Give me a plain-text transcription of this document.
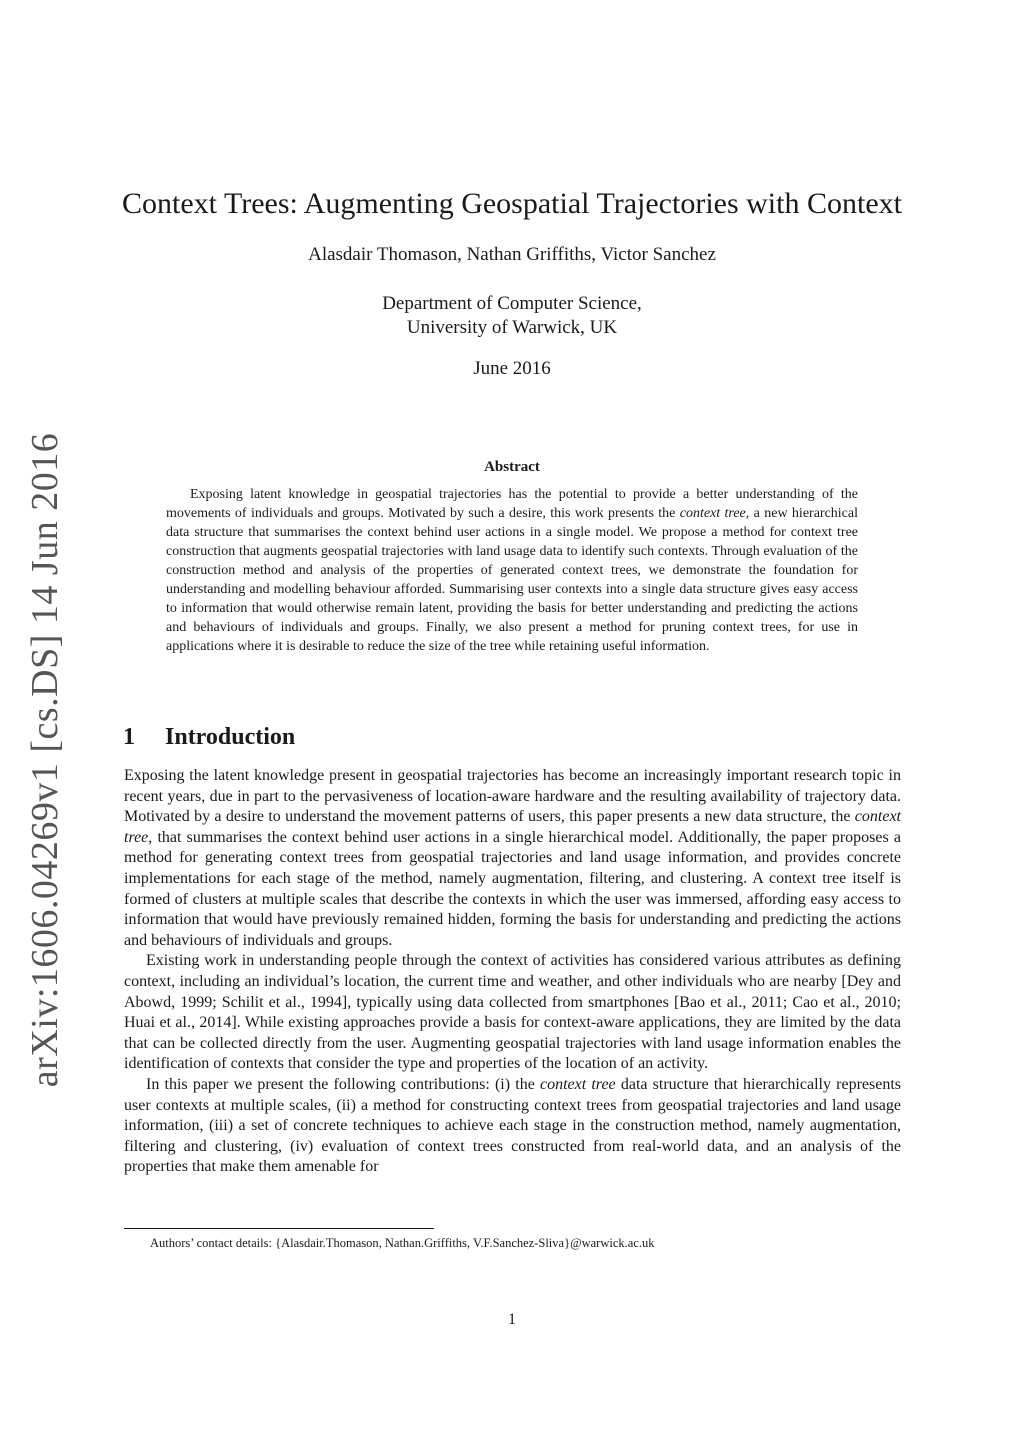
arXiv:1606.04269v1 [cs.DS] 14 Jun 2016
Context Trees: Augmenting Geospatial Trajectories with Context
Alasdair Thomason, Nathan Griffiths, Victor Sanchez
Department of Computer Science,
University of Warwick, UK
June 2016
Abstract

Exposing latent knowledge in geospatial trajectories has the potential to provide a better understanding of the movements of individuals and groups. Motivated by such a desire, this work presents the context tree, a new hierarchical data structure that summarises the context behind user actions in a single model. We propose a method for context tree construction that augments geospatial trajectories with land usage data to identify such contexts. Through evaluation of the construction method and analysis of the properties of generated context trees, we demonstrate the foundation for understanding and modelling behaviour afforded. Summarising user contexts into a single data structure gives easy access to information that would otherwise remain latent, providing the basis for better understanding and predicting the actions and behaviours of individuals and groups. Finally, we also present a method for pruning context trees, for use in applications where it is desirable to reduce the size of the tree while retaining useful information.

1 Introduction

Exposing the latent knowledge present in geospatial trajectories has become an increasingly important research topic in recent years, due in part to the pervasiveness of location-aware hardware and the resulting availability of trajectory data. Motivated by a desire to understand the movement patterns of users, this paper presents a new data structure, the context tree, that summarises the context behind user actions in a single hierarchical model. Additionally, the paper proposes a method for generating context trees from geospatial trajectories and land usage information, and provides concrete implementations for each stage of the method, namely augmentation, filtering, and clustering. A context tree itself is formed of clusters at multiple scales that describe the contexts in which the user was immersed, affording easy access to information that would have previously remained hidden, forming the basis for understanding and predicting the actions and behaviours of individuals and groups.

Existing work in understanding people through the context of activities has considered various attributes as defining context, including an individual’s location, the current time and weather, and other individuals who are nearby [Dey and Abowd, 1999; Schilit et al., 1994], typically using data collected from smartphones [Bao et al., 2011; Cao et al., 2010; Huai et al., 2014]. While existing approaches provide a basis for context-aware applications, they are limited by the data that can be collected directly from the user. Augmenting geospatial trajectories with land usage information enables the identification of contexts that consider the type and properties of the location of an activity.

In this paper we present the following contributions: (i) the context tree data structure that hierarchically represents user contexts at multiple scales, (ii) a method for constructing context trees from geospatial trajectories and land usage information, (iii) a set of concrete techniques to achieve each stage in the construction method, namely augmentation, filtering and clustering, (iv) evaluation of context trees constructed from real-world data, and an analysis of the properties that make them amenable for

Authors’ contact details: {Alasdair.Thomason, Nathan.Griffiths, V.F.Sanchez-Sliva}@warwick.ac.uk
1
